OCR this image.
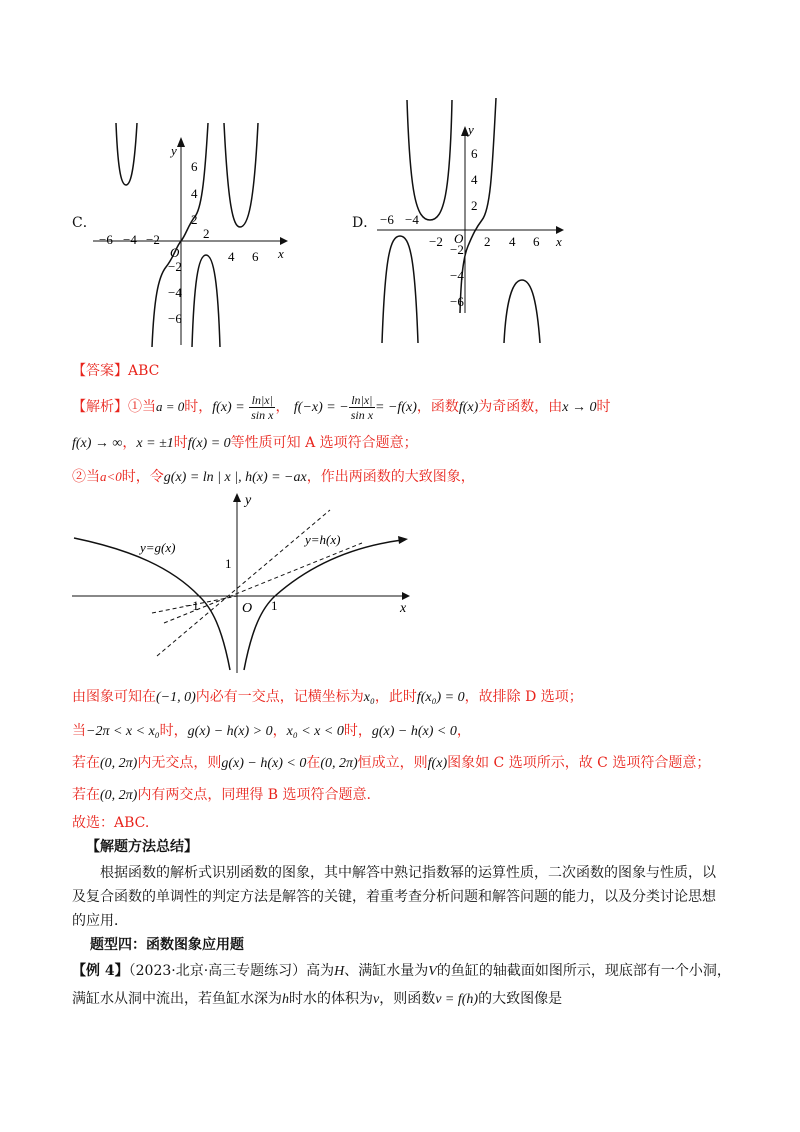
C．
−6 −4 −2	2
4 6
6
4
2
−2
−4
−6
y
x
O
D． −6 −4
−2	2 4 6
6
4
2
−2
−4
−6
y
x
O
【答案】ABC
【解析】①当a = 0时，$f(x) = \frac{\ln|x|}{\text{sin x}}$ ， f(−x) = − $\frac{\ln|x|}{\text{sin x}} = -f(x)$，函数f(x)为奇函数，由x → 0时
f(x) → ∞，x = ±1时f(x) = 0等性质可知 A 选项符合题意；
②当a<0时，令g(x) = ln | x |, h(x) = −ax，作出两函数的大致图象，
y
x
O
1
1
−1
y=g(x)
y=h(x)
由图象可知在(−1, 0)内必有一交点，记横坐标为x₀，此时f(x₀) = 0，故排除 D 选项；
当−2π < x < x₀时，g(x) − h(x) > 0，x₀ < x < 0时，g(x) − h(x) < 0，
若在(0, 2π)内无交点，则g(x) − h(x) < 0在(0, 2π)恒成立，则f(x)图象如 C 选项所示，故 C 选项符合题意；
若在(0, 2π)内有两交点，同理得 B 选项符合题意.
故选：ABC.
【解题方法总结】
根据函数的解析式识别函数的图象，其中解答中熟记指数幂的运算性质，二次函数的图象与性质，以
及复合函数的单调性的判定方法是解答的关键，着重考查分析问题和解答问题的能力，以及分类讨论思想
的应用．
题型四：函数图象应用题
【例 4】（2023·北京·高三专题练习）高为H、满缸水量为V的鱼缸的轴截面如图所示，现底部有一个小洞，
满缸水从洞中流出，若鱼缸水深为h时水的体积为v，则函数v = f(h)的大致图像是
